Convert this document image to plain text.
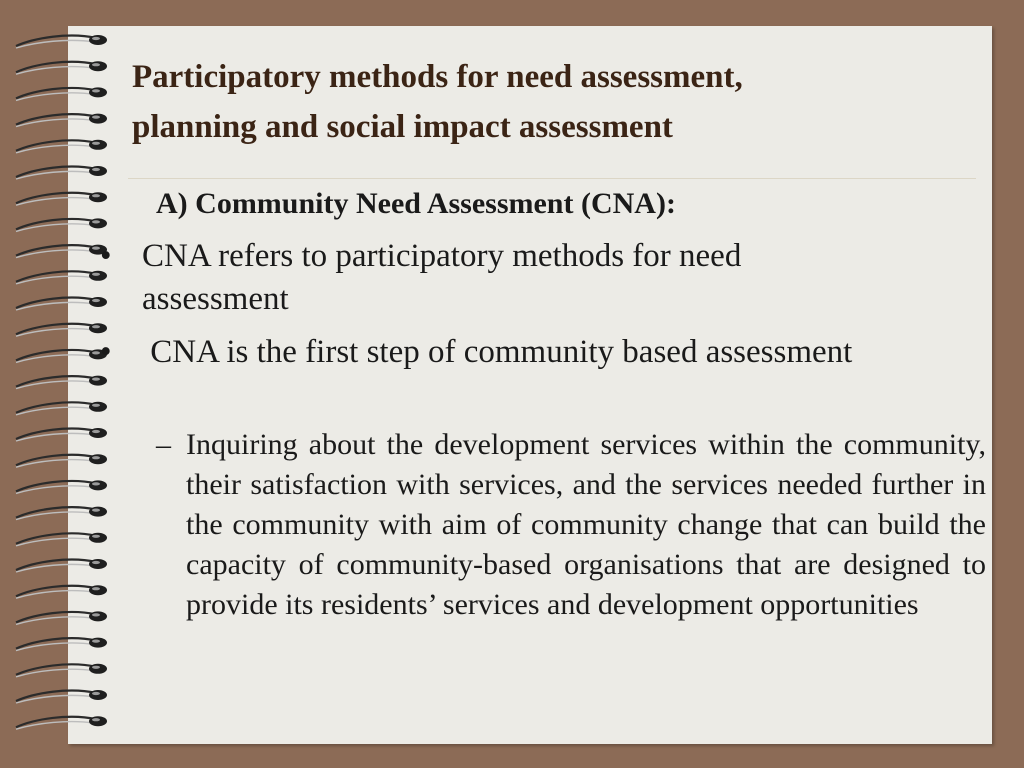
Participatory methods for need assessment,
planning and social impact assessment
A) Community Need Assessment (CNA):
• CNA refers to participatory methods for need assessment
• CNA is the first step of community based assessment
– Inquiring about the development services within the community, their satisfaction with services, and the services needed further in the community with aim of community change that can build the capacity of community-based organisations that are designed to provide its residents’ services and development opportunities
